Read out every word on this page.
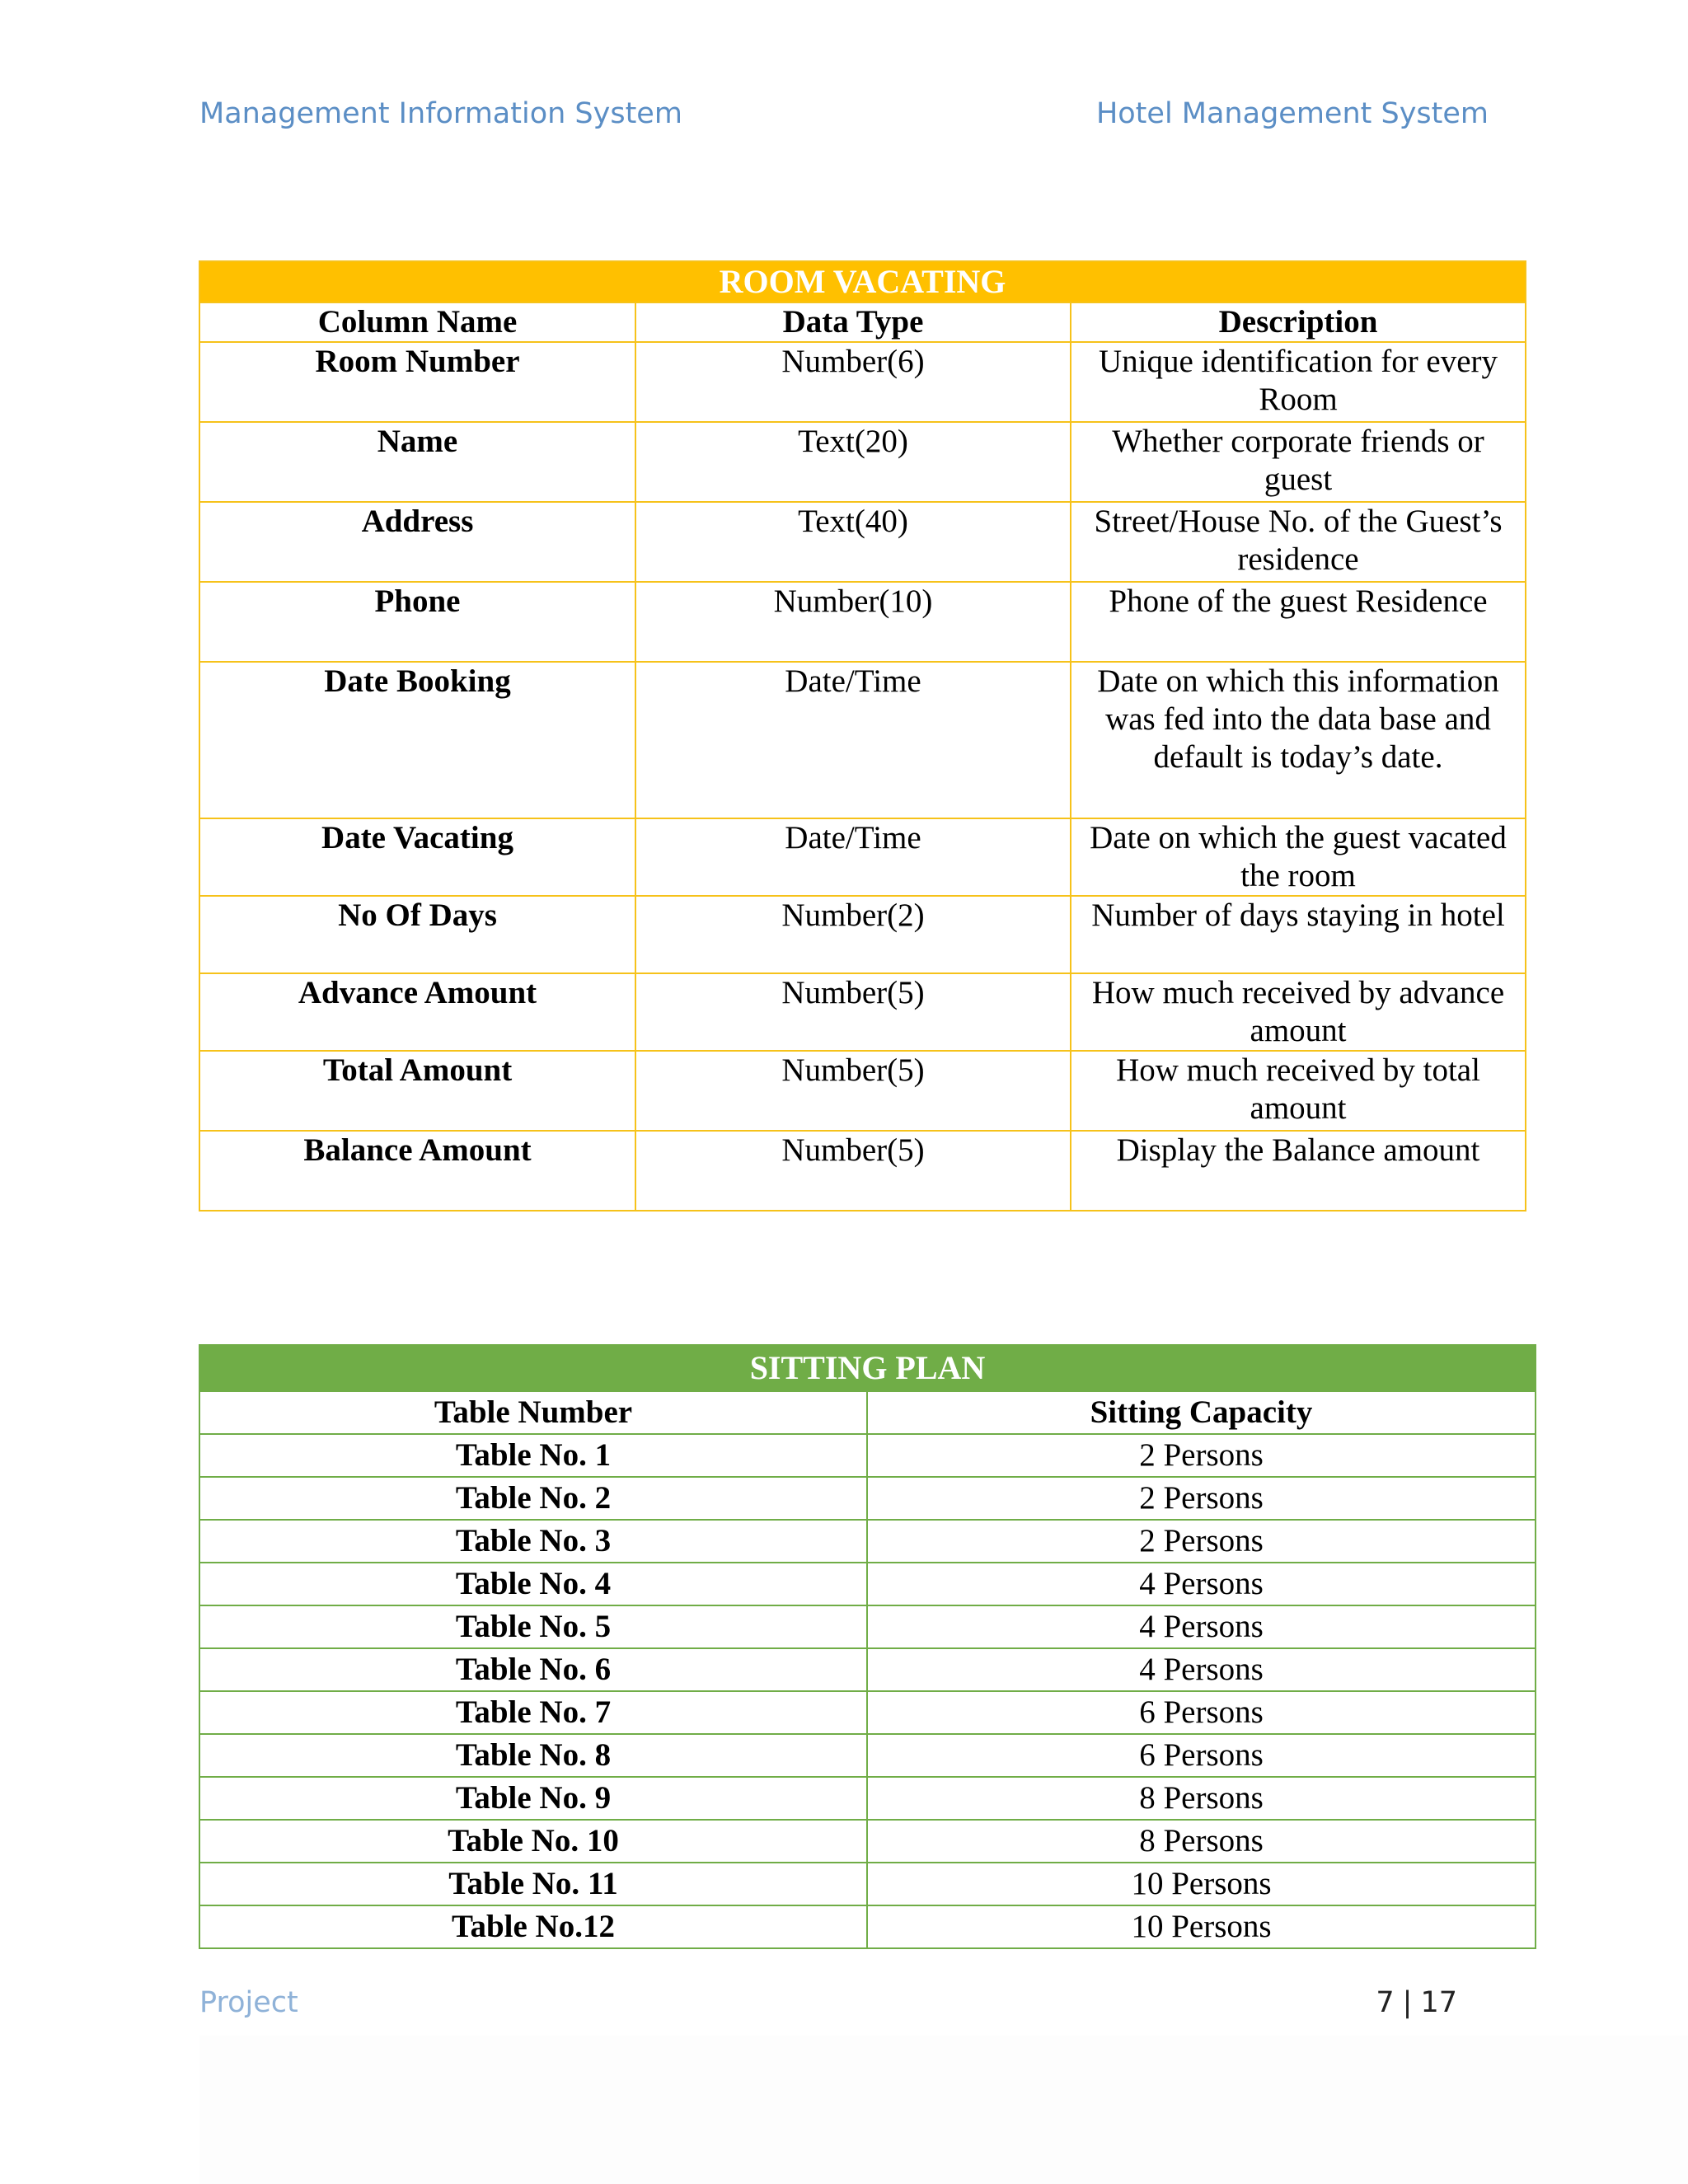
Management Information System	Hotel Management System
ROOM VACATING		
Column Name	Data Type	Description
Room Number	Number(6)	Unique identification for every Room
Name	Text(20)	Whether corporate friends or guest
Address	Text(40)	Street/House No. of the Guest’s residence
Phone	Number(10)	Phone of the guest Residence
Date Booking	Date/Time	Date on which this information was fed into the data base and default is today’s date.
Date Vacating	Date/Time	Date on which the guest vacated the room
No Of Days	Number(2)	Number of days staying in hotel
Advance Amount	Number(5)	How much received by advance amount
Total Amount	Number(5)	How much received by total amount
Balance Amount	Number(5)	Display the Balance amount
SITTING PLAN	
Table Number	Sitting Capacity
Table No. 1	2 Persons
Table No. 2	2 Persons
Table No. 3	2 Persons
Table No. 4	4 Persons
Table No. 5	4 Persons
Table No. 6	4 Persons
Table No. 7	6 Persons
Table No. 8	6 Persons
Table No. 9	8 Persons
Table No. 10	8 Persons
Table No. 11	10 Persons
Table No.12	10 Persons
Project	7 | 17
